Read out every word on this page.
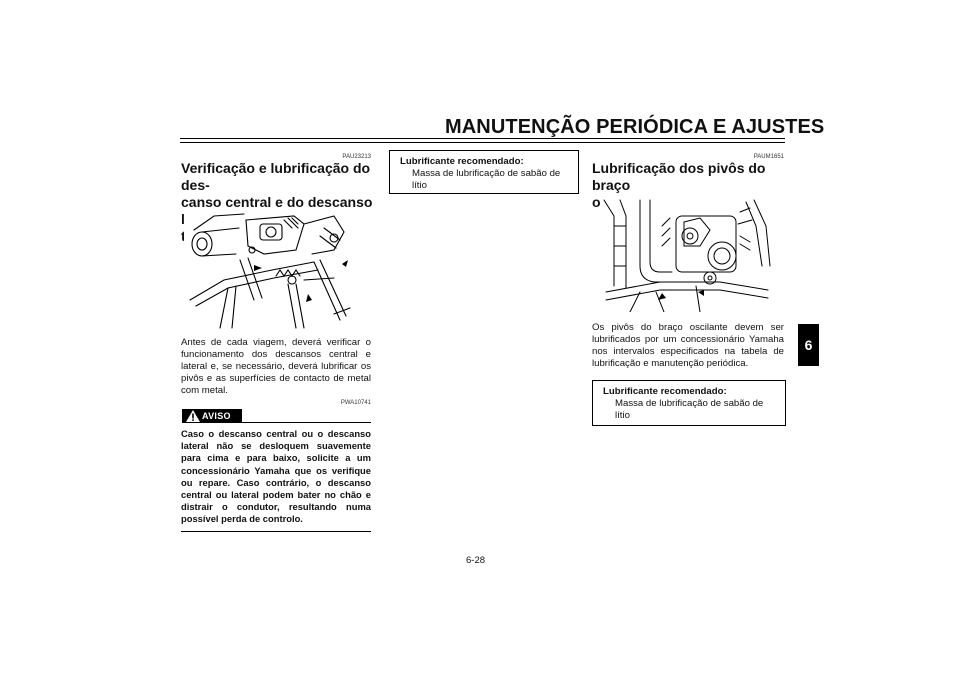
MANUTENÇÃO PERIÓDICA E AJUSTES
6
PAU23213
Verificação e lubrificação do des-
canso central e do descanso la-
teral

Antes de cada viagem, deverá verificar o funcionamento dos descansos central e lateral e, se necessário, deverá lubrificar os pivôs e as superfícies de contacto de metal com metal.

PWA10741
AVISO

Caso o descanso central ou o descanso lateral não se desloquem suavemente para cima e para baixo, solicite a um concessionário Yamaha que os verifique ou repare. Caso contrário, o descanso central ou lateral podem bater no chão e distrair o condutor, resultando numa possível perda de controlo.

Lubrificante recomendado:
Massa de lubrificação de sabão de lítio
PAUM1651
Lubrificação dos pivôs do braço
oscilante

Os pivôs do braço oscilante devem ser lubrificados por um concessionário Yamaha nos intervalos especificados na tabela de lubrificação e manutenção periódica.

Lubrificante recomendado:
Massa de lubrificação de sabão de lítio
6-28
